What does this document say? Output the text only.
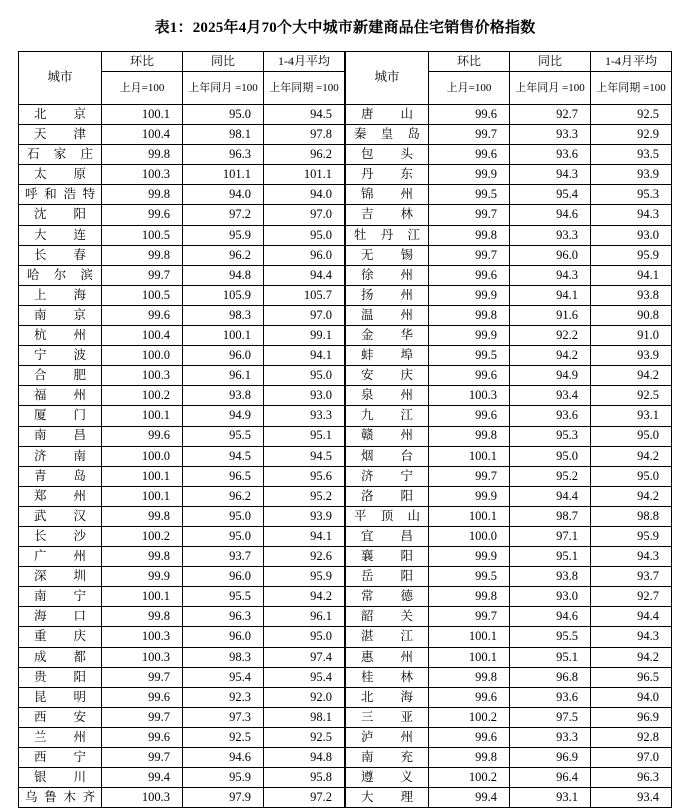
表1：2025年4月70个大中城市新建商品住宅销售价格指数
城市	环比	同比	1-4月平均
	上月=100	上年同月 =100	上年同期 =100

北 京	100.1	95.0	94.5

天 津	100.4	98.1	97.8

石 家 庄	99.8	96.3	96.2

太 原	100.3	101.1	101.1

呼 和 浩 特	99.8	94.0	94.0

沈 阳	99.6	97.2	97.0

大 连	100.5	95.9	95.0

长 春	99.8	96.2	96.0

哈 尔 滨	99.7	94.8	94.4

上 海	100.5	105.9	105.7

南 京	99.6	98.3	97.0

杭 州	100.4	100.1	99.1

宁 波	100.0	96.0	94.1

合 肥	100.3	96.1	95.0

福 州	100.2	93.8	93.0

厦 门	100.1	94.9	93.3

南 昌	99.6	95.5	95.1

济 南	100.0	94.5	94.5

青 岛	100.1	96.5	95.6

郑 州	100.1	96.2	95.2

武 汉	99.8	95.0	93.9

长 沙	100.2	95.0	94.1

广 州	99.8	93.7	92.6

深 圳	99.9	96.0	95.9

南 宁	100.1	95.5	94.2

海 口	99.8	96.3	96.1

重 庆	100.3	96.0	95.0

成 都	100.3	98.3	97.4

贵 阳	99.7	95.4	95.4

昆 明	99.6	92.3	92.0

西 安	99.7	97.3	98.1

兰 州	99.6	92.5	92.5

西 宁	99.7	94.6	94.8

银 川	99.4	95.9	95.8

乌 鲁 木 齐	100.3	97.9	97.2
城市	环比	同比	1-4月平均
	上月=100	上年同月 =100	上年同期 =100

唐 山	99.6	92.7	92.5

秦 皇 岛	99.7	93.3	92.9

包 头	99.6	93.6	93.5

丹 东	99.9	94.3	93.9

锦 州	99.5	95.4	95.3

吉 林	99.7	94.6	94.3

牡 丹 江	99.8	93.3	93.0

无 锡	99.7	96.0	95.9

徐 州	99.6	94.3	94.1

扬 州	99.9	94.1	93.8

温 州	99.8	91.6	90.8

金 华	99.9	92.2	91.0

蚌 埠	99.5	94.2	93.9

安 庆	99.6	94.9	94.2

泉 州	100.3	93.4	92.5

九 江	99.6	93.6	93.1

赣 州	99.8	95.3	95.0

烟 台	100.1	95.0	94.2

济 宁	99.7	95.2	95.0

洛 阳	99.9	94.4	94.2

平 顶 山	100.1	98.7	98.8

宜 昌	100.0	97.1	95.9

襄 阳	99.9	95.1	94.3

岳 阳	99.5	93.8	93.7

常 德	99.8	93.0	92.7

韶 关	99.7	94.6	94.4

湛 江	100.1	95.5	94.3

惠 州	100.1	95.1	94.2

桂 林	99.8	96.8	96.5

北 海	99.6	93.6	94.0

三 亚	100.2	97.5	96.9

泸 州	99.6	93.3	92.8

南 充	99.8	96.9	97.0

遵 义	100.2	96.4	96.3

大 理	99.4	93.1	93.4
